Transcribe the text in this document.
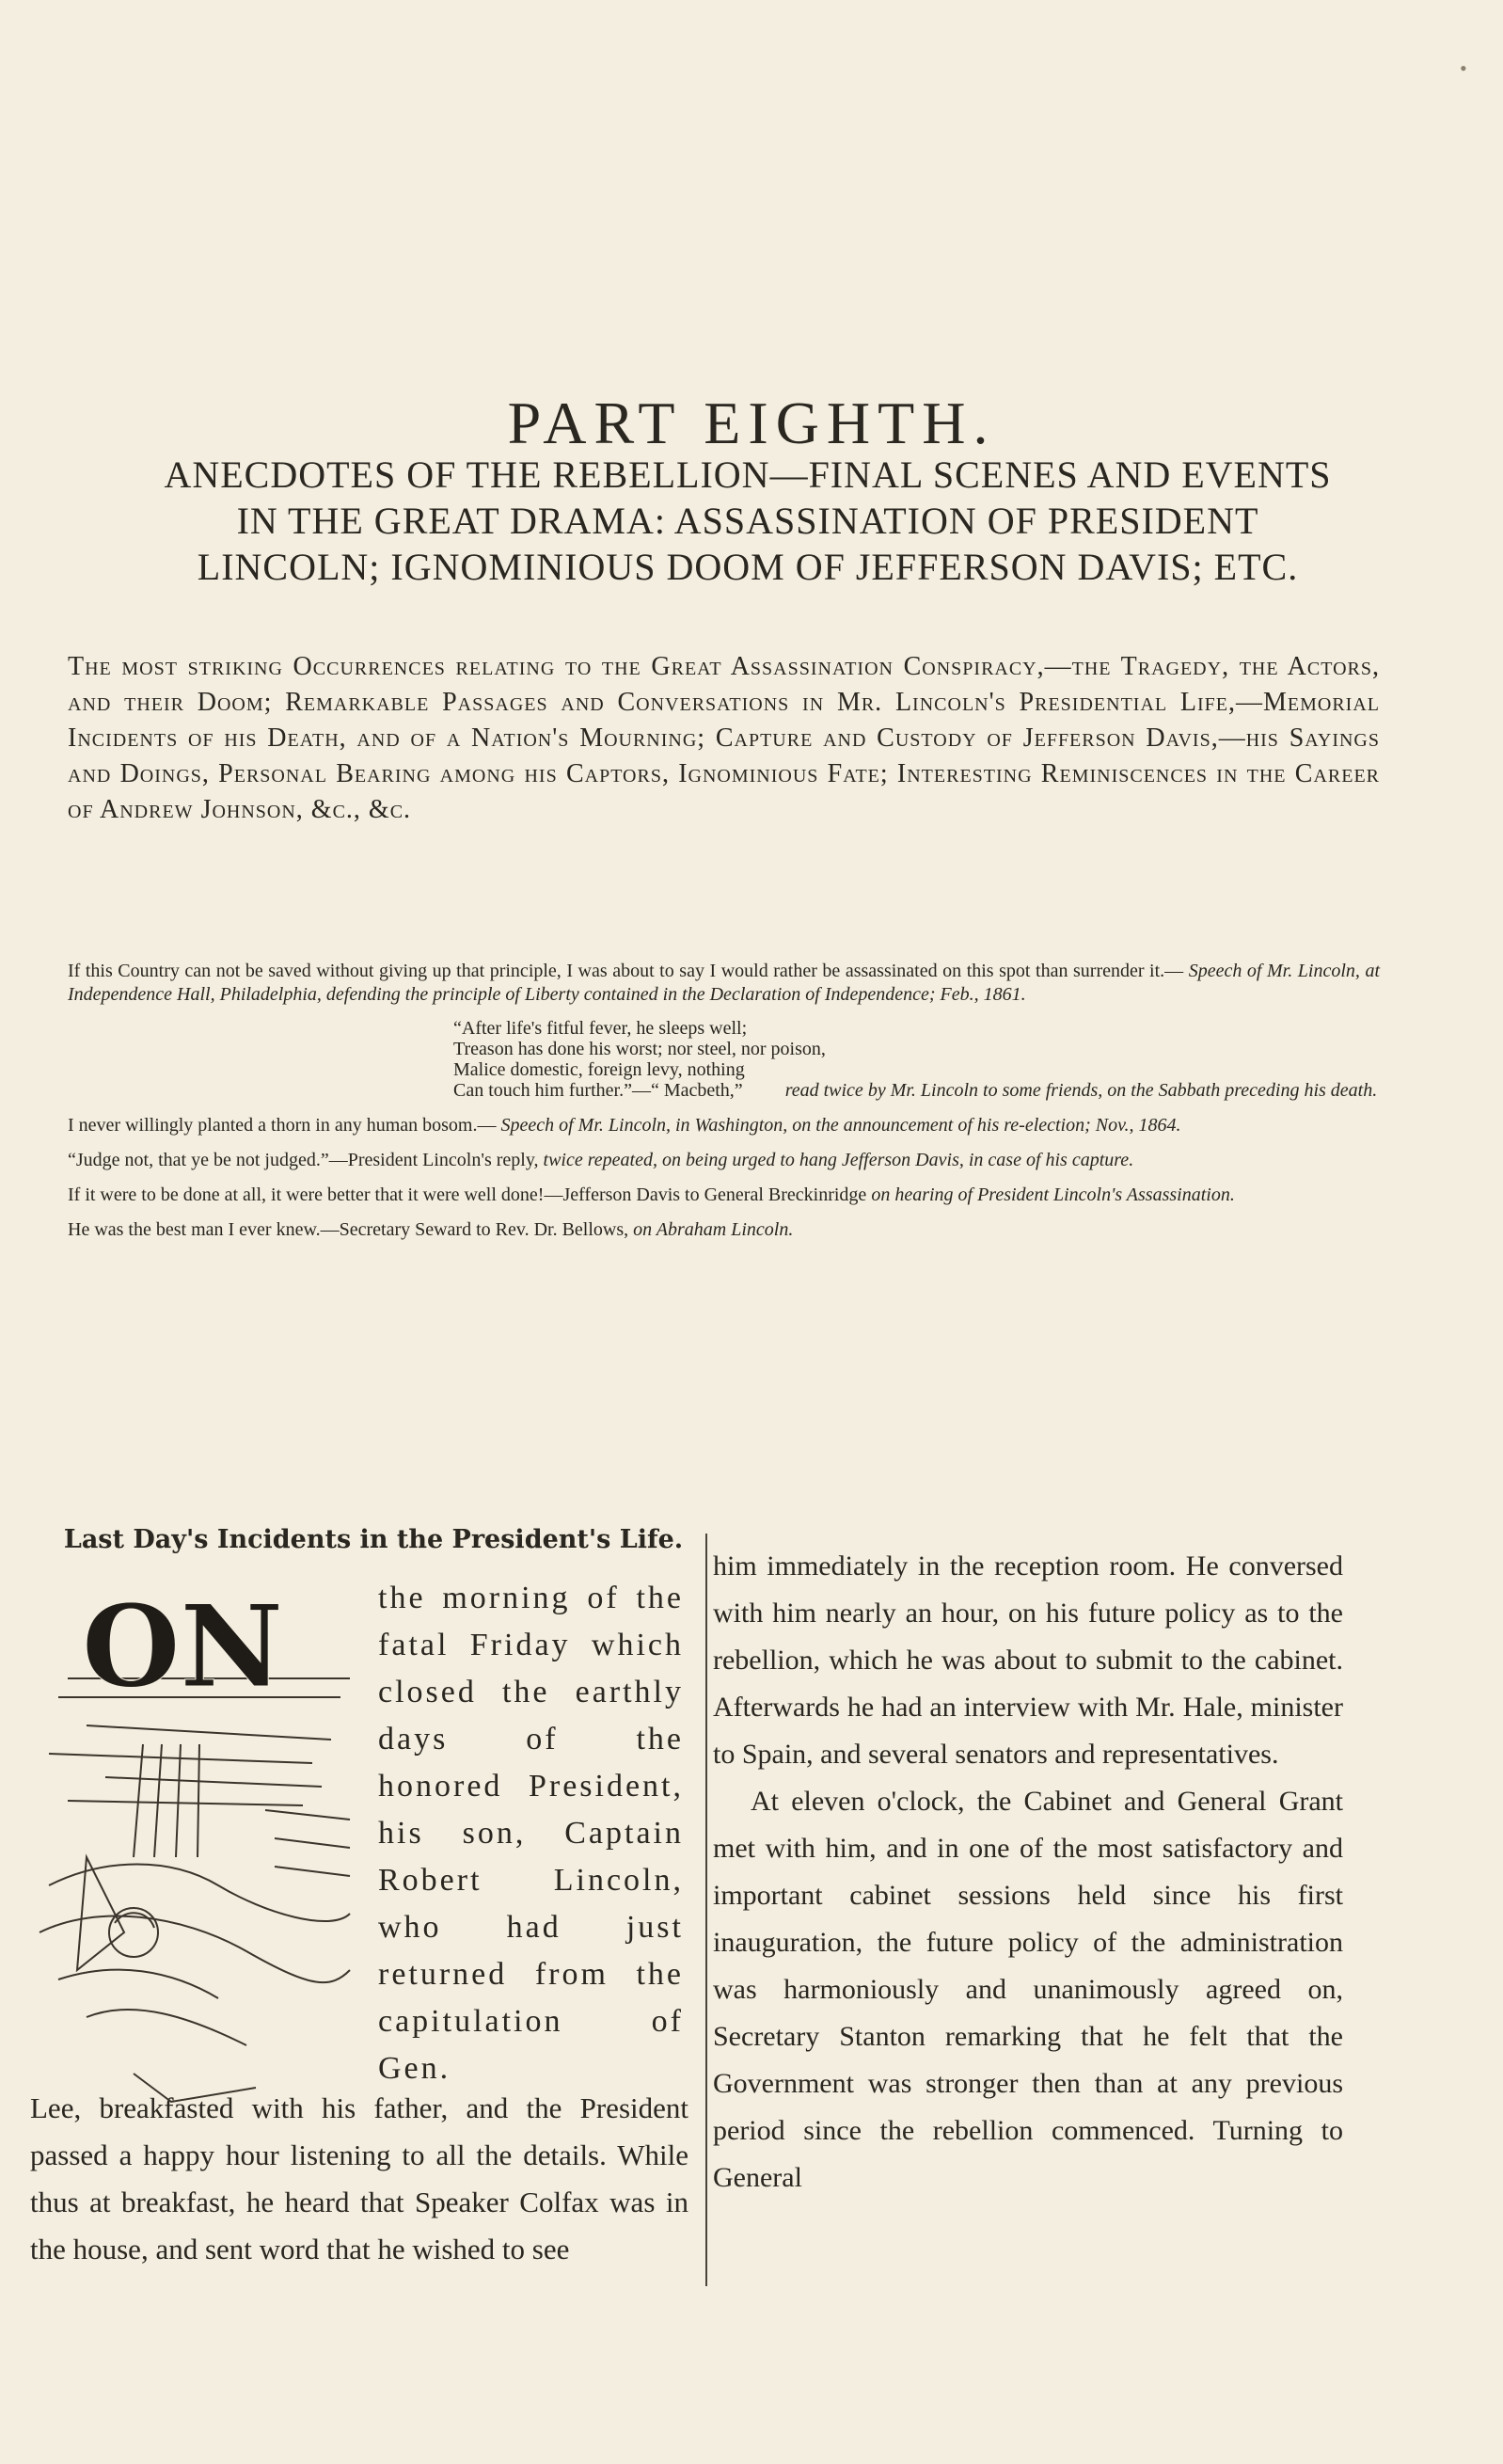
•
PART EIGHTH.
ANECDOTES OF THE REBELLION—FINAL SCENES AND EVENTS
IN THE GREAT DRAMA: ASSASSINATION OF PRESIDENT
LINCOLN; IGNOMINIOUS DOOM OF JEFFERSON DAVIS; ETC.
The most striking Occurrences relating to the Great Assassination Conspiracy,—the Tragedy, the Actors, and their Doom; Remarkable Passages and Conversations in Mr. Lincoln's Presidential Life,—Memorial Incidents of his Death, and of a Nation's Mourning; Capture and Custody of Jefferson Davis,—his Sayings and Doings, Personal Bearing among his Captors, Ignominious Fate; Interesting Reminiscences in the Career of Andrew Johnson, &c., &c.
If this Country can not be saved without giving up that principle, I was about to say I would rather be assassinated on this spot than surrender it.— Speech of Mr. Lincoln, at Independence Hall, Philadelphia, defending the principle of Liberty contained in the Declaration of Independence; Feb., 1861.
“After life's fitful fever, he sleeps well;
Treason has done his worst; nor steel, nor poison,
Malice domestic, foreign levy, nothing
Can touch him further.”—“ Macbeth,” read twice by Mr. Lincoln to some friends, on the Sabbath preceding his death.
I never willingly planted a thorn in any human bosom.— Speech of Mr. Lincoln, in Washington, on the announcement of his re-election; Nov., 1864.
“Judge not, that ye be not judged.”—President Lincoln's reply, twice repeated, on being urged to hang Jefferson Davis, in case of his capture.
If it were to be done at all, it were better that it were well done!—Jefferson Davis to General Breckinridge on hearing of President Lincoln's Assassination.
He was the best man I ever knew.—Secretary Seward to Rev. Dr. Bellows, on Abraham Lincoln.
Last Day's Incidents in the President's Life.
ON	the morning of the fatal Friday which closed the earthly days of the honored President, his son, Captain Robert Lincoln, who had just returned from the capitulation of Gen.
Lee, breakfasted with his father, and the President passed a happy hour listening to all the details. While thus at breakfast, he heard that Speaker Colfax was in the house, and sent word that he wished to see

him immediately in the reception room. He conversed with him nearly an hour, on his future policy as to the rebellion, which he was about to submit to the cabinet. Afterwards he had an interview with Mr. Hale, minister to Spain, and several senators and representatives.

At eleven o'clock, the Cabinet and General Grant met with him, and in one of the most satisfactory and important cabinet sessions held since his first inauguration, the future policy of the administration was harmoniously and unanimously agreed on, Secretary Stanton remarking that he felt that the Government was stronger then than at any previous period since the rebellion commenced. Turning to General
